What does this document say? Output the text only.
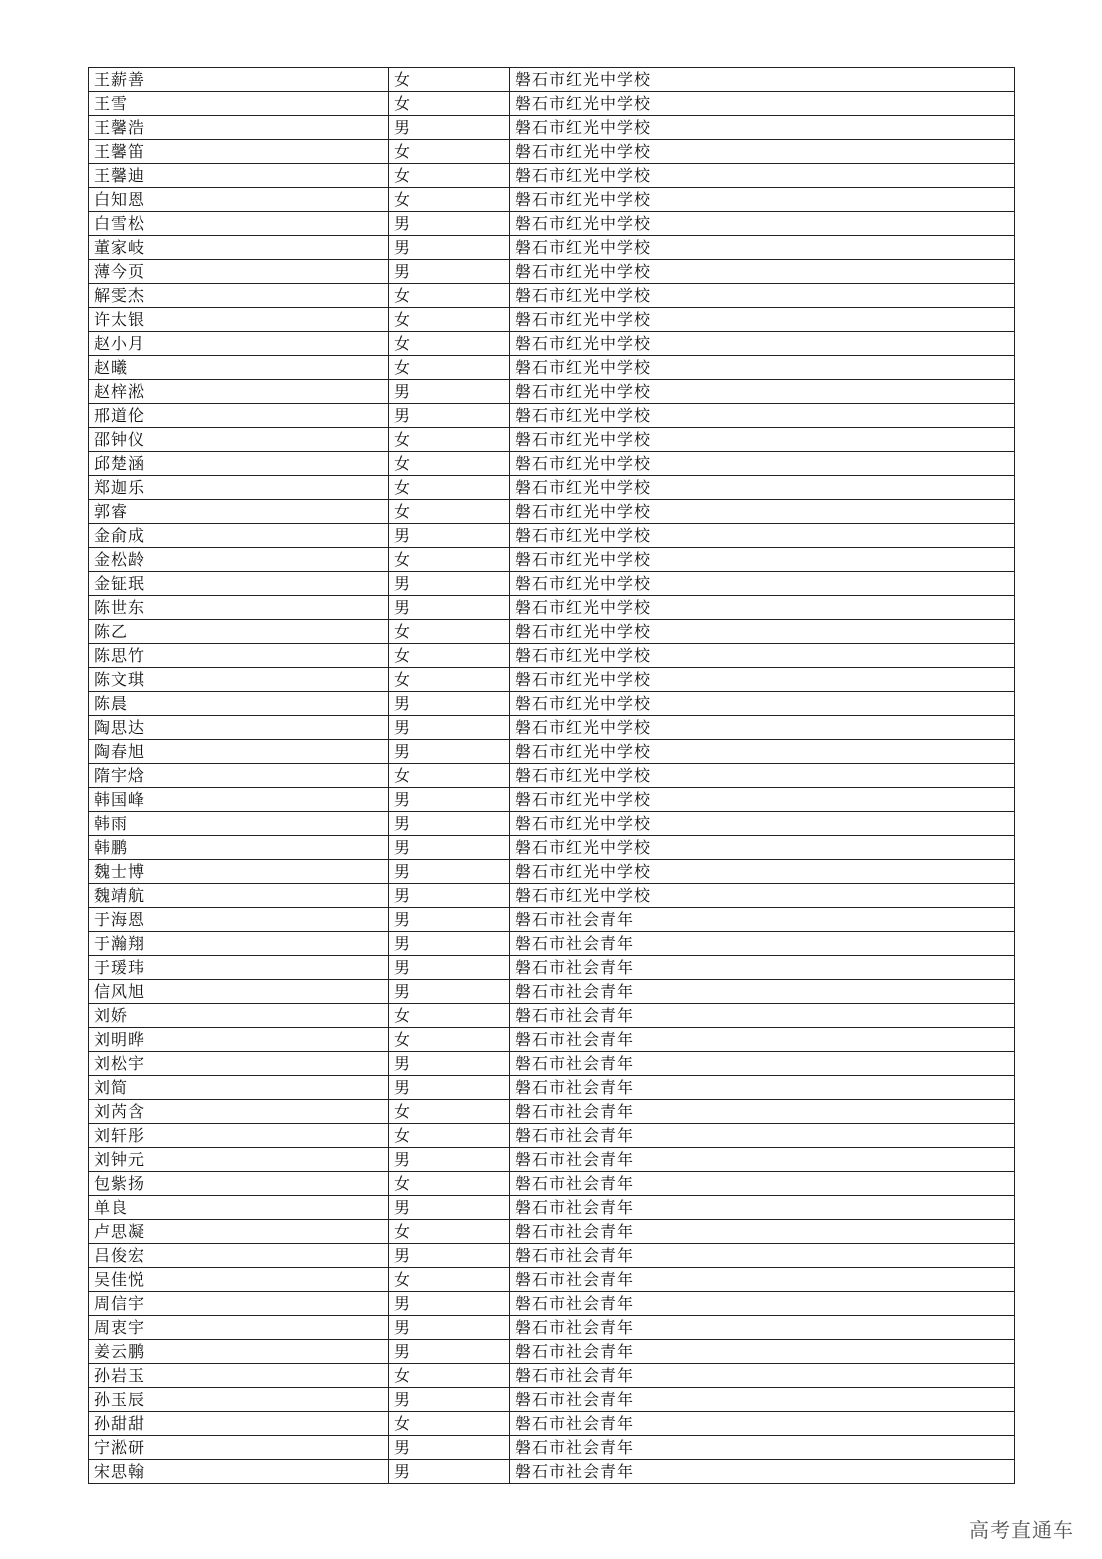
王薪善	女	磐石市红光中学校
王雪	女	磐石市红光中学校
王馨浩	男	磐石市红光中学校
王馨笛	女	磐石市红光中学校
王馨迪	女	磐石市红光中学校
白知恩	女	磐石市红光中学校
白雪松	男	磐石市红光中学校
董家岐	男	磐石市红光中学校
薄今页	男	磐石市红光中学校
解雯杰	女	磐石市红光中学校
许太银	女	磐石市红光中学校
赵小月	女	磐石市红光中学校
赵曦	女	磐石市红光中学校
赵梓淞	男	磐石市红光中学校
邢道伦	男	磐石市红光中学校
邵钟仪	女	磐石市红光中学校
邱楚涵	女	磐石市红光中学校
郑迦乐	女	磐石市红光中学校
郭睿	女	磐石市红光中学校
金俞成	男	磐石市红光中学校
金松龄	女	磐石市红光中学校
金钲珉	男	磐石市红光中学校
陈世东	男	磐石市红光中学校
陈乙	女	磐石市红光中学校
陈思竹	女	磐石市红光中学校
陈文琪	女	磐石市红光中学校
陈晨	男	磐石市红光中学校
陶思达	男	磐石市红光中学校
陶春旭	男	磐石市红光中学校
隋宇焓	女	磐石市红光中学校
韩国峰	男	磐石市红光中学校
韩雨	男	磐石市红光中学校
韩鹏	男	磐石市红光中学校
魏士博	男	磐石市红光中学校
魏靖航	男	磐石市红光中学校
于海恩	男	磐石市社会青年
于瀚翔	男	磐石市社会青年
于瑗玮	男	磐石市社会青年
信风旭	男	磐石市社会青年
刘娇	女	磐石市社会青年
刘明晔	女	磐石市社会青年
刘松宇	男	磐石市社会青年
刘简	男	磐石市社会青年
刘芮含	女	磐石市社会青年
刘轩彤	女	磐石市社会青年
刘钟元	男	磐石市社会青年
包紫扬	女	磐石市社会青年
单良	男	磐石市社会青年
卢思凝	女	磐石市社会青年
吕俊宏	男	磐石市社会青年
吴佳悦	女	磐石市社会青年
周信宇	男	磐石市社会青年
周衷宇	男	磐石市社会青年
姜云鹏	男	磐石市社会青年
孙岩玉	女	磐石市社会青年
孙玉辰	男	磐石市社会青年
孙甜甜	女	磐石市社会青年
宁淞研	男	磐石市社会青年
宋思翰	男	磐石市社会青年
高考直通车
